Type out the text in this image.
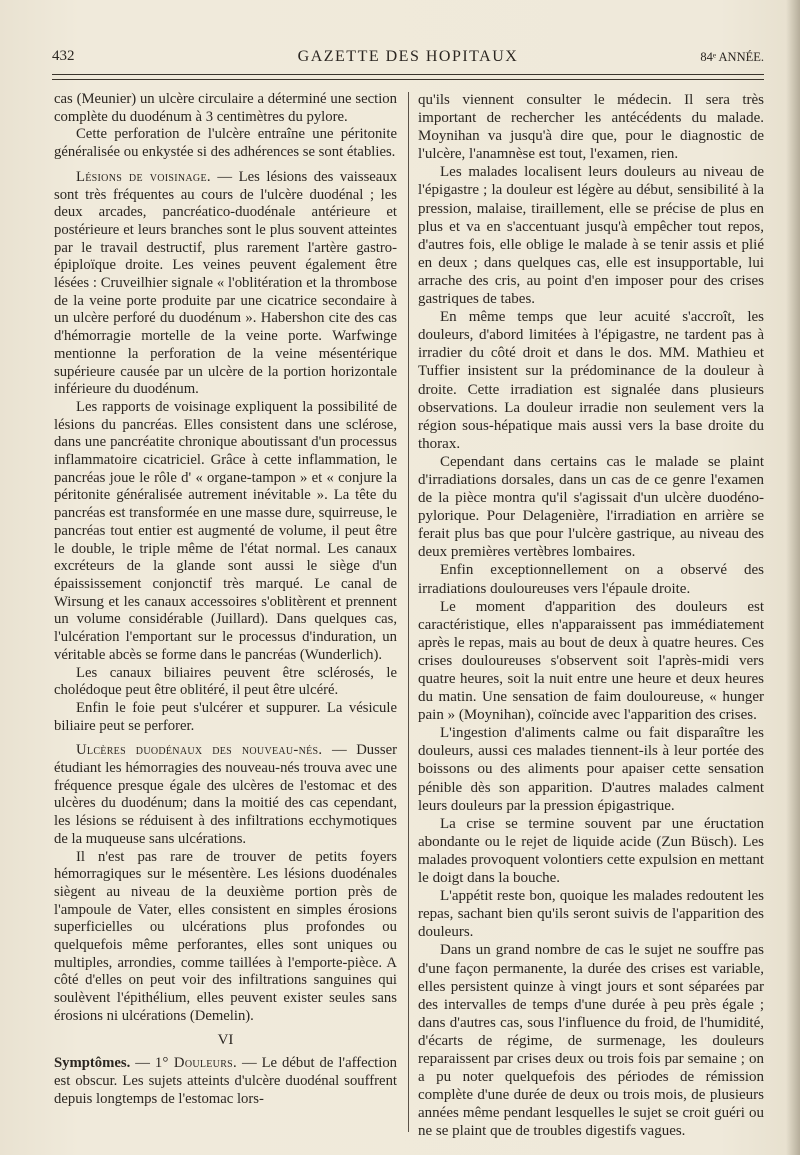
432	GAZETTE DES HOPITAUX	84ᵉ ANNÉE.

cas (Meunier) un ulcère circulaire a déterminé une section complète du duodénum à 3 centimètres du pylore.

Cette perforation de l'ulcère entraîne une péritonite généralisée ou enkystée si des adhérences se sont établies.

Lésions de voisinage. — Les lésions des vaisseaux sont très fréquentes au cours de l'ulcère duodénal ; les deux arcades, pancréatico-duodénale antérieure et postérieure et leurs branches sont le plus souvent atteintes par le travail destructif, plus rarement l'artère gastro-épiploïque droite. Les veines peuvent également être lésées : Cruveilhier signale « l'oblitération et la thrombose de la veine porte produite par une cicatrice secondaire à un ulcère perforé du duodénum ». Habershon cite des cas d'hémorragie mortelle de la veine porte. Warfwinge mentionne la perforation de la veine mésentérique supérieure causée par un ulcère de la portion horizontale inférieure du duodénum.

Les rapports de voisinage expliquent la possibilité de lésions du pancréas. Elles consistent dans une sclérose, dans une pancréatite chronique aboutissant d'un processus inflammatoire cicatriciel. Grâce à cette inflammation, le pancréas joue le rôle d' « organe-tampon » et « conjure la péritonite généralisée autrement inévitable ». La tête du pancréas est transformée en une masse dure, squirreuse, le pancréas tout entier est augmenté de volume, il peut être le double, le triple même de l'état normal. Les canaux excréteurs de la glande sont aussi le siège d'un épaississement conjonctif très marqué. Le canal de Wirsung et les canaux accessoires s'oblitèrent et prennent un volume considérable (Juillard). Dans quelques cas, l'ulcération l'emportant sur le processus d'induration, un véritable abcès se forme dans le pancréas (Wunderlich).

Les canaux biliaires peuvent être sclérosés, le cholédoque peut être oblitéré, il peut être ulcéré.

Enfin le foie peut s'ulcérer et suppurer. La vésicule biliaire peut se perforer.

Ulcères duodénaux des nouveau-nés. — Dusser étudiant les hémorragies des nouveau-nés trouva avec une fréquence presque égale des ulcères de l'estomac et des ulcères du duodénum; dans la moitié des cas cependant, les lésions se réduisent à des infiltrations ecchymotiques de la muqueuse sans ulcérations.

Il n'est pas rare de trouver de petits foyers hémorragiques sur le mésentère. Les lésions duodénales siègent au niveau de la deuxième portion près de l'ampoule de Vater, elles consistent en simples érosions superficielles ou ulcérations plus profondes ou quelquefois même perforantes, elles sont uniques ou multiples, arrondies, comme taillées à l'emporte-pièce. A côté d'elles on peut voir des infiltrations sanguines qui soulèvent l'épithélium, elles peuvent exister seules sans érosions ni ulcérations (Demelin).

VI

Symptômes. — 1° Douleurs. — Le début de l'affection est obscur. Les sujets atteints d'ulcère duodénal souffrent depuis longtemps de l'estomac lors-

qu'ils viennent consulter le médecin. Il sera très important de rechercher les antécédents du malade. Moynihan va jusqu'à dire que, pour le diagnostic de l'ulcère, l'anamnèse est tout, l'examen, rien.

Les malades localisent leurs douleurs au niveau de l'épigastre ; la douleur est légère au début, sensibilité à la pression, malaise, tiraillement, elle se précise de plus en plus et va en s'accentuant jusqu'à empêcher tout repos, d'autres fois, elle oblige le malade à se tenir assis et plié en deux ; dans quelques cas, elle est insupportable, lui arrache des cris, au point d'en imposer pour des crises gastriques de tabes.

En même temps que leur acuité s'accroît, les douleurs, d'abord limitées à l'épigastre, ne tardent pas à irradier du côté droit et dans le dos. MM. Mathieu et Tuffier insistent sur la prédominance de la douleur à droite. Cette irradiation est signalée dans plusieurs observations. La douleur irradie non seulement vers la région sous-hépatique mais aussi vers la base droite du thorax.

Cependant dans certains cas le malade se plaint d'irradiations dorsales, dans un cas de ce genre l'examen de la pièce montra qu'il s'agissait d'un ulcère duodéno-pylorique. Pour Delagenière, l'irradiation en arrière se ferait plus bas que pour l'ulcère gastrique, au niveau des deux premières vertèbres lombaires.

Enfin exceptionnellement on a observé des irradiations douloureuses vers l'épaule droite.

Le moment d'apparition des douleurs est caractéristique, elles n'apparaissent pas immédiatement après le repas, mais au bout de deux à quatre heures. Ces crises douloureuses s'observent soit l'après-midi vers quatre heures, soit la nuit entre une heure et deux heures du matin. Une sensation de faim douloureuse, « hunger pain » (Moynihan), coïncide avec l'apparition des crises.

L'ingestion d'aliments calme ou fait disparaître les douleurs, aussi ces malades tiennent-ils à leur portée des boissons ou des aliments pour apaiser cette sensation pénible dès son apparition. D'autres malades calment leurs douleurs par la pression épigastrique.

La crise se termine souvent par une éructation abondante ou le rejet de liquide acide (Zun Büsch). Les malades provoquent volontiers cette expulsion en mettant le doigt dans la bouche.

L'appétit reste bon, quoique les malades redoutent les repas, sachant bien qu'ils seront suivis de l'apparition des douleurs.

Dans un grand nombre de cas le sujet ne souffre pas d'une façon permanente, la durée des crises est variable, elles persistent quinze à vingt jours et sont séparées par des intervalles de temps d'une durée à peu près égale ; dans d'autres cas, sous l'influence du froid, de l'humidité, d'écarts de régime, de surmenage, les douleurs reparaissent par crises deux ou trois fois par semaine ; on a pu noter quelquefois des périodes de rémission complète d'une durée de deux ou trois mois, de plusieurs années même pendant lesquelles le sujet se croit guéri ou ne se plaint que de troubles digestifs vagues.
